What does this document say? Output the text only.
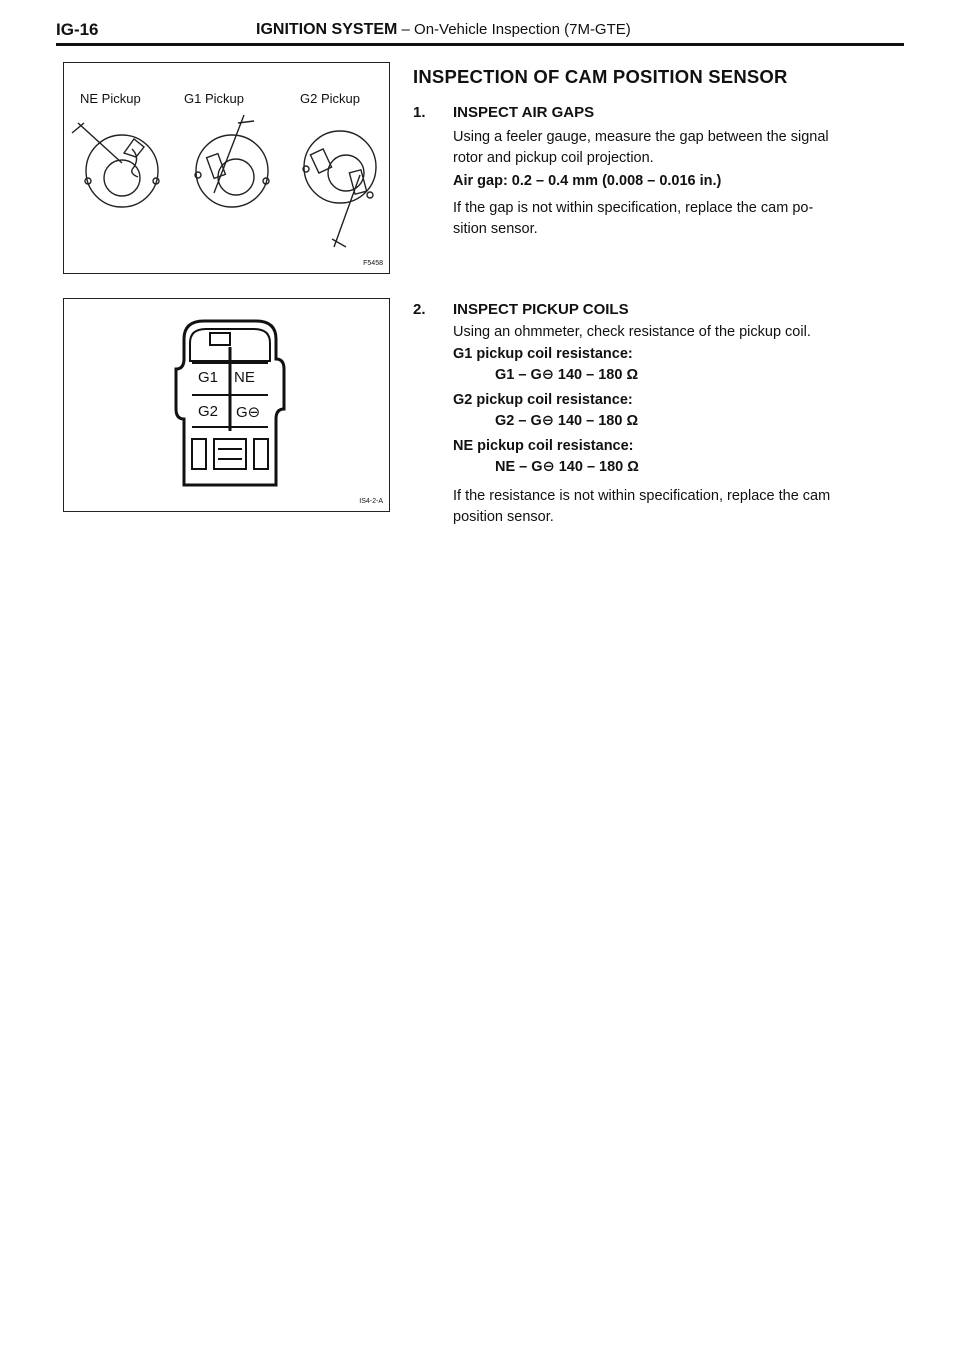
IG-16	IGNITION SYSTEM – On-Vehicle Inspection (7M-GTE)
NE Pickup	G1 Pickup	G2 Pickup
F5458
G1 NE
G2 G⊖
IS4-2-A
INSPECTION OF CAM POSITION SENSOR
1. INSPECT AIR GAPS

Using a feeler gauge, measure the gap between the signal

rotor and pickup coil projection.

Air gap: 0.2 – 0.4 mm (0.008 – 0.016 in.)

If the gap is not within specification, replace the cam po-

sition sensor.

2. INSPECT PICKUP COILS

Using an ohmmeter, check resistance of the pickup coil.

G1 pickup coil resistance:
G1 – G⊖ 140 – 180 Ω
G2 pickup coil resistance:
G2 – G⊖ 140 – 180 Ω
NE pickup coil resistance:
NE – G⊖ 140 – 180 Ω

If the resistance is not within specification, replace the cam

position sensor.
